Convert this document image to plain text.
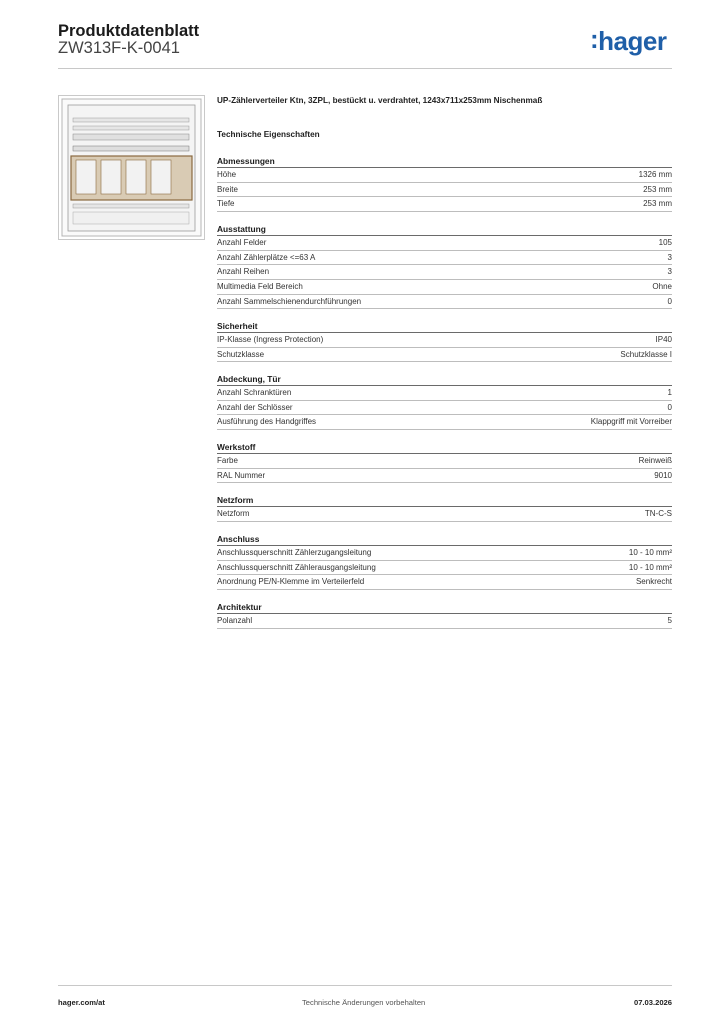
Produktdatenblatt
ZW313F-K-0041	:hager
UP-Zählerverteiler Ktn, 3ZPL, bestückt u. verdrahtet, 1243x711x253mm Nischenmaß
Technische Eigenschaften
Abmessungen
Höhe	1326 mm
Breite	253 mm
Tiefe	253 mm
Ausstattung
Anzahl Felder	105
Anzahl Zählerplätze <=63 A	3
Anzahl Reihen	3
Multimedia Feld Bereich	Ohne
Anzahl Sammelschienendurchführungen	0
Sicherheit
IP-Klasse (Ingress Protection)	IP40
Schutzklasse	Schutzklasse I
Abdeckung, Tür
Anzahl Schranktüren	1
Anzahl der Schlösser	0
Ausführung des Handgriffes	Klappgriff mit Vorreiber
Werkstoff
Farbe	Reinweiß
RAL Nummer	9010
Netzform
Netzform	TN-C-S
Anschluss
Anschlussquerschnitt Zählerzugangsleitung	10 - 10 mm²
Anschlussquerschnitt Zählerausgangsleitung	10 - 10 mm²
Anordnung PE/N-Klemme im Verteilerfeld	Senkrecht
Architektur
Polanzahl	5
hager.com/at	Technische Änderungen vorbehalten	07.03.2026
